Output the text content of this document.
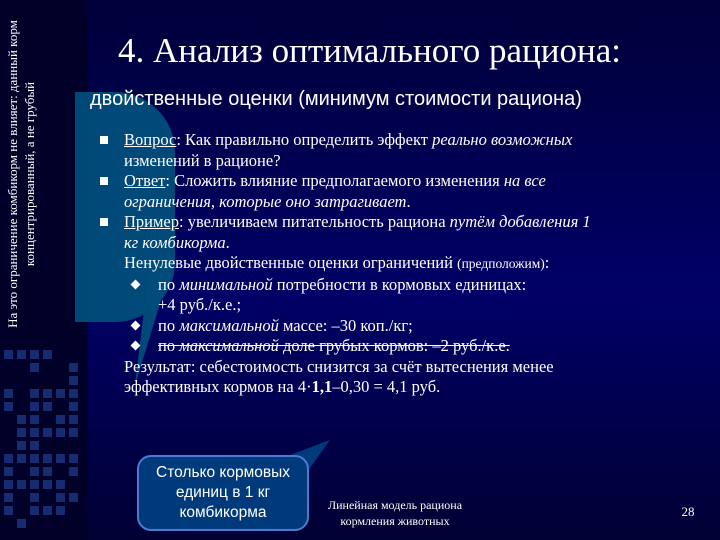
На это ограничение комбикорм не влияет: данный корм концентрированный, а не грубый
4. Анализ оптимального рациона:
двойственные оценки (минимум стоимости рациона)
Вопрос: Как правильно определить эффект реально возможных
изменений в рационе?
Ответ: Сложить влияние предполагаемого изменения на все
ограничения, которые оно затрагивает.
Пример: увеличиваем питательность рациона путём добавления 1
кг комбикорма.
Ненулевые двойственные оценки ограничений (предположим):
по минимальной потребности в кормовых единицах:
+4 руб./к.е.;
по максимальной массе: –30 коп./кг;
по максимальной доле грубых кормов: –2 руб./к.е.
Результат: себестоимость снизится за счёт вытеснения менее
эффективных кормов на 4·1,1–0,30 = 4,1 руб.
Столько кормовых единиц в 1 кг комбикорма	Линейная модель рациона кормления животных
28
